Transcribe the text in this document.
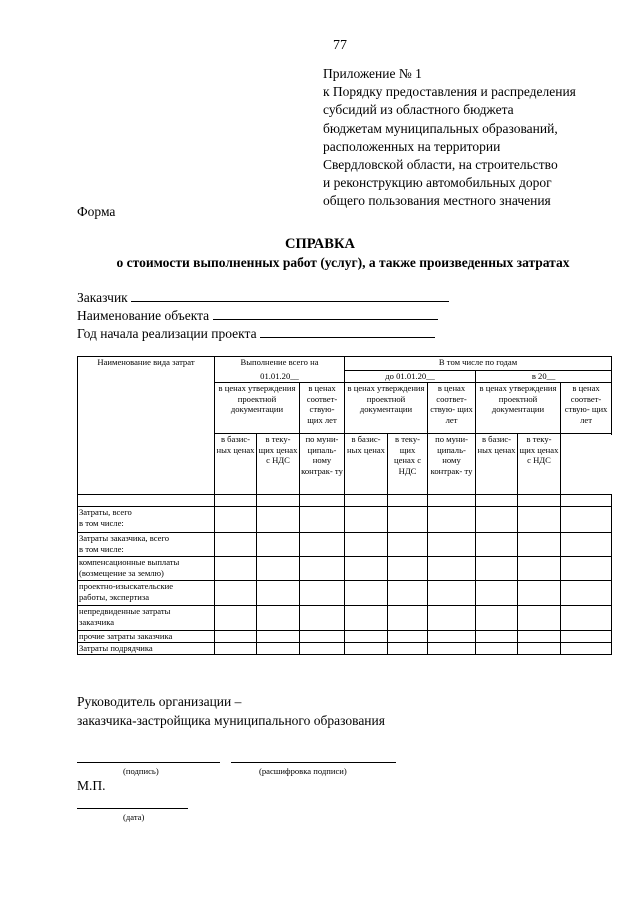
77
Приложение № 1
к Порядку предоставления и распределения
субсидий из областного бюджета
бюджетам муниципальных образований,
расположенных на территории
Свердловской области, на строительство
и реконструкцию автомобильных дорог
общего пользования местного значения
Форма
СПРАВКА
о стоимости выполненных работ (услуг), а также произведенных затратах
Заказчик
Наименование объекта
Год начала реализации проекта
Наименование вида затрат	Выполнение всего на			В том числе по годам					
	01.01.20__			до 01.01.20__			в 20__		
	в ценах утверждения проектной документации		в ценах соответ- ствую- щих лет	в ценах утверждения проектной документации		в ценах соответ- ствую- щих лет	в ценах утверждения проектной документации		в ценах соответ- ствую- щих лет

	в базис- ных ценах	в теку- щих ценах с НДС	по муни- ципаль- ному контрак- ту	в базис- ных ценах	в теку- щих ценах с НДС	по муни- ципаль- ному контрак- ту	в базис- ных ценах	в теку- щих ценах с НДС	

Затраты, всего
в том числе:									
Затраты заказчика, всего
в том числе:									
компенсационные выплаты
(возмещение за землю)									
проектно-изыскательские
работы, экспертиза									
непредвиденные затраты
заказчика									
прочие затраты заказчика									
Затраты подрядчика									
Руководитель организации –
заказчика-застройщика муниципального образования
(подпись)	(расшифровка подписи)
М.П.
(дата)
